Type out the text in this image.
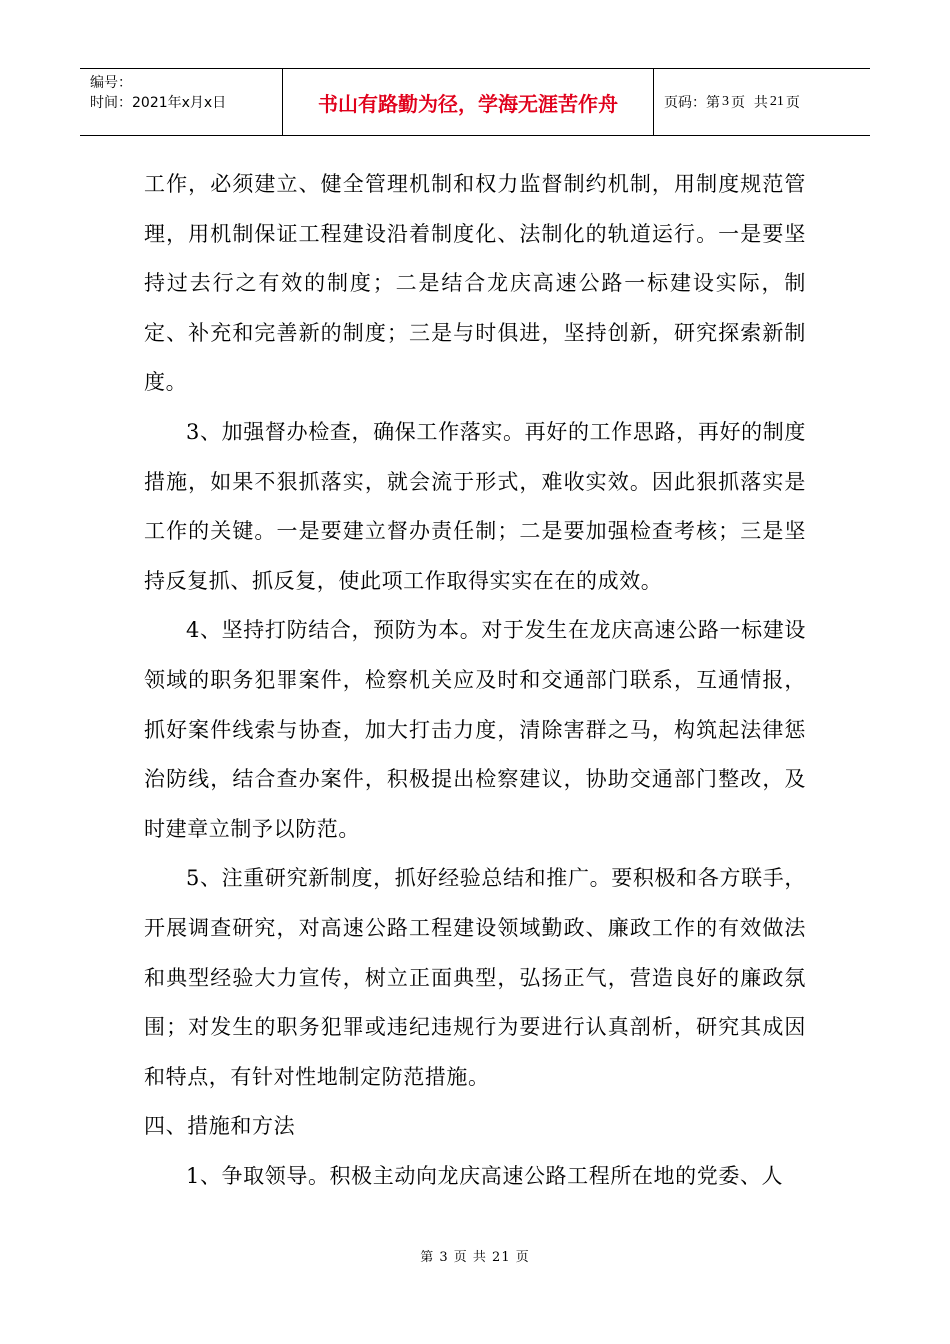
编号：
时间：2021年x月x日	书山有路勤为径，学海无涯苦作舟	页码：第 3 页  共 21 页

工作，必须建立、健全管理机制和权力监督制约机制，用制度规范管理，用机制保证工程建设沿着制度化、法制化的轨道运行。一是要坚持过去行之有效的制度；二是结合龙庆高速公路一标建设实际，制定、补充和完善新的制度；三是与时俱进，坚持创新，研究探索新制度。

3、加强督办检查，确保工作落实。再好的工作思路，再好的制度措施，如果不狠抓落实，就会流于形式，难收实效。因此狠抓落实是工作的关键。一是要建立督办责任制；二是要加强检查考核；三是坚持反复抓、抓反复，使此项工作取得实实在在的成效。

4、坚持打防结合，预防为本。对于发生在龙庆高速公路一标建设领域的职务犯罪案件，检察机关应及时和交通部门联系，互通情报，抓好案件线索与协查，加大打击力度，清除害群之马，构筑起法律惩治防线，结合查办案件，积极提出检察建议，协助交通部门整改，及时建章立制予以防范。

5、注重研究新制度，抓好经验总结和推广。要积极和各方联手，开展调查研究，对高速公路工程建设领域勤政、廉政工作的有效做法和典型经验大力宣传，树立正面典型，弘扬正气，营造良好的廉政氛围；对发生的职务犯罪或违纪违规行为要进行认真剖析，研究其成因和特点，有针对性地制定防范措施。

四、措施和方法

1、争取领导。积极主动向龙庆高速公路工程所在地的党委、人

第 3 页 共 21 页
